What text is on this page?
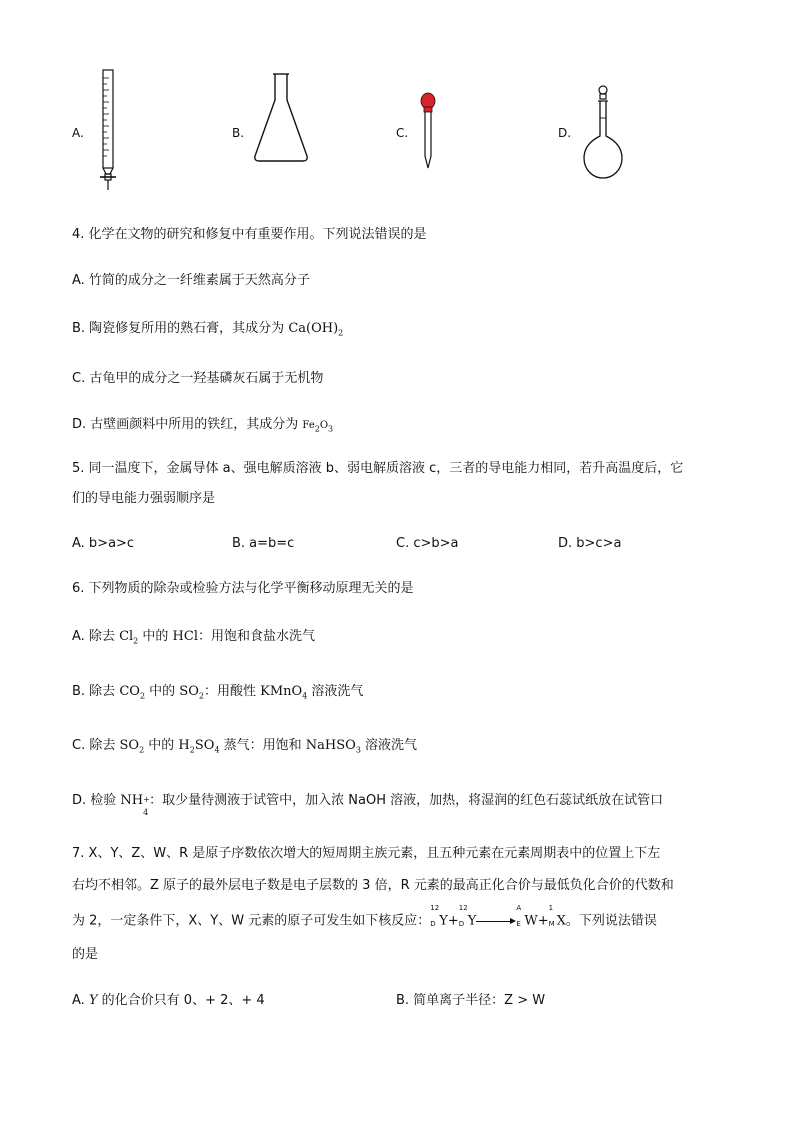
A.	B.	C.	D.
4. 化学在文物的研究和修复中有重要作用。下列说法错误的是
A. 竹简的成分之一纤维素属于天然高分子
B. 陶瓷修复所用的熟石膏，其成分为 $Ca(OH)_2$
C. 古龟甲的成分之一羟基磷灰石属于无机物
D. 古壁画颜料中所用的铁红，其成分为 $Fe_2O_3$
5. 同一温度下，金属导体 a、强电解质溶液 b、弱电解质溶液 c，三者的导电能力相同，若升高温度后，它
们的导电能力强弱顺序是
A. b>a>c	B. a=b=c	C. c>b>a	D. b>c>a
6. 下列物质的除杂或检验方法与化学平衡移动原理无关的是
A. 除去 $Cl_2$ 中的 HCl：用饱和食盐水洗气
B. 除去 $CO_2$ 中的 $SO_2$：用酸性 KMnO$_4$ 溶液洗气
C. 除去 $SO_2$ 中的 $H_2SO_4$ 蒸气：用饱和 NaHSO$_3$ 溶液洗气
D. 检验 NH +
4
：取少量待测液于试管中，加入浓 NaOH 溶液，加热，将湿润的红色石蕊试纸放在试管口
7. X、Y、Z、W、R 是原子序数依次增大的短周期主族元素，且五种元素在元素周期表中的位置上下左
右均不相邻。Z 原子的最外层电子数是电子层数的 3 倍，R 元素的最高正化合价与最低负化合价的代数和
为 2，一定条件下，X、Y、W 元素的原子可发生如下核反应：
12
D Y+
12
D Y
A
E W+
1
M X。下列说法错误
的是
A. Y 的化合价只有 0、+ 2、+ 4	B. 简单离子半径：Z > W
